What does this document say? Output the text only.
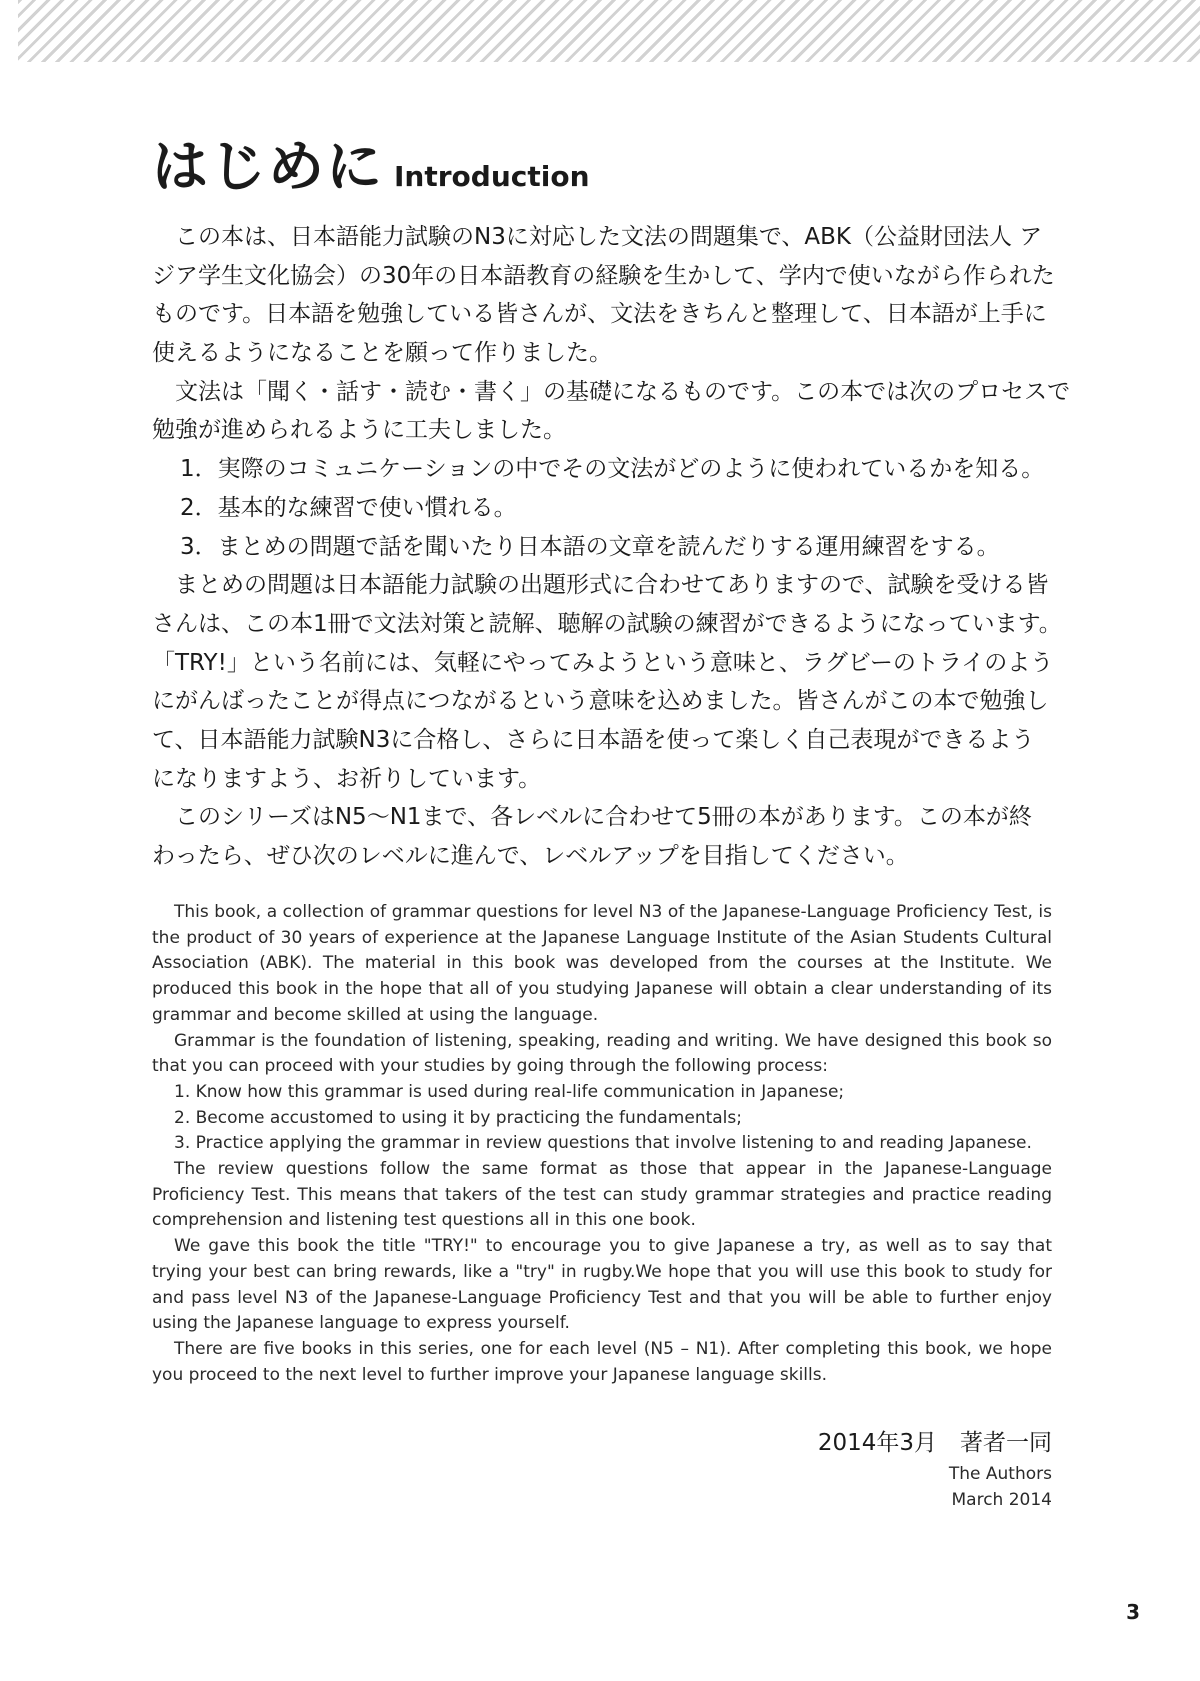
はじめに Introduction
この本は、日本語能力試験のN3に対応した文法の問題集で、ABK（公益財団法人 ア
ジア学生文化協会）の30年の日本語教育の経験を生かして、学内で使いながら作られた
ものです。日本語を勉強している皆さんが、文法をきちんと整理して、日本語が上手に
使えるようになることを願って作りました。
文法は「聞く・話す・読む・書く」の基礎になるものです。この本では次のプロセスで
勉強が進められるように工夫しました。
1．実際のコミュニケーションの中でその文法がどのように使われているかを知る。
2．基本的な練習で使い慣れる。
3．まとめの問題で話を聞いたり日本語の文章を読んだりする運用練習をする。
まとめの問題は日本語能力試験の出題形式に合わせてありますので、試験を受ける皆
さんは、この本1冊で文法対策と読解、聴解の試験の練習ができるようになっています。
「TRY!」という名前には、気軽にやってみようという意味と、ラグビーのトライのよう
にがんばったことが得点につながるという意味を込めました。皆さんがこの本で勉強し
て、日本語能力試験N3に合格し、さらに日本語を使って楽しく自己表現ができるよう
になりますよう、お祈りしています。
このシリーズはN5～N1まで、各レベルに合わせて5冊の本があります。この本が終
わったら、ぜひ次のレベルに進んで、レベルアップを目指してください。

This book, a collection of grammar questions for level N3 of the Japanese-Language Proficiency Test, is the product of 30 years of experience at the Japanese Language Institute of the Asian Students Cultural Association (ABK). The material in this book was developed from the courses at the Institute. We produced this book in the hope that all of you studying Japanese will obtain a clear understanding of its grammar and become skilled at using the language.

Grammar is the foundation of listening, speaking, reading and writing. We have designed this book so that you can proceed with your studies by going through the following process:

1. Know how this grammar is used during real-life communication in Japanese;

2. Become accustomed to using it by practicing the fundamentals;

3. Practice applying the grammar in review questions that involve listening to and reading Japanese.

The review questions follow the same format as those that appear in the Japanese-Language Proficiency Test. This means that takers of the test can study grammar strategies and practice reading comprehension and listening test questions all in this one book.

We gave this book the title "TRY!" to encourage you to give Japanese a try, as well as to say that trying your best can bring rewards, like a "try" in rugby.We hope that you will use this book to study for and pass level N3 of the Japanese-Language Proficiency Test and that you will be able to further enjoy using the Japanese language to express yourself.

There are five books in this series, one for each level (N5 – N1). After completing this book, we hope you proceed to the next level to further improve your Japanese language skills.

2014年3月　著者一同
The Authors
March 2014
3
